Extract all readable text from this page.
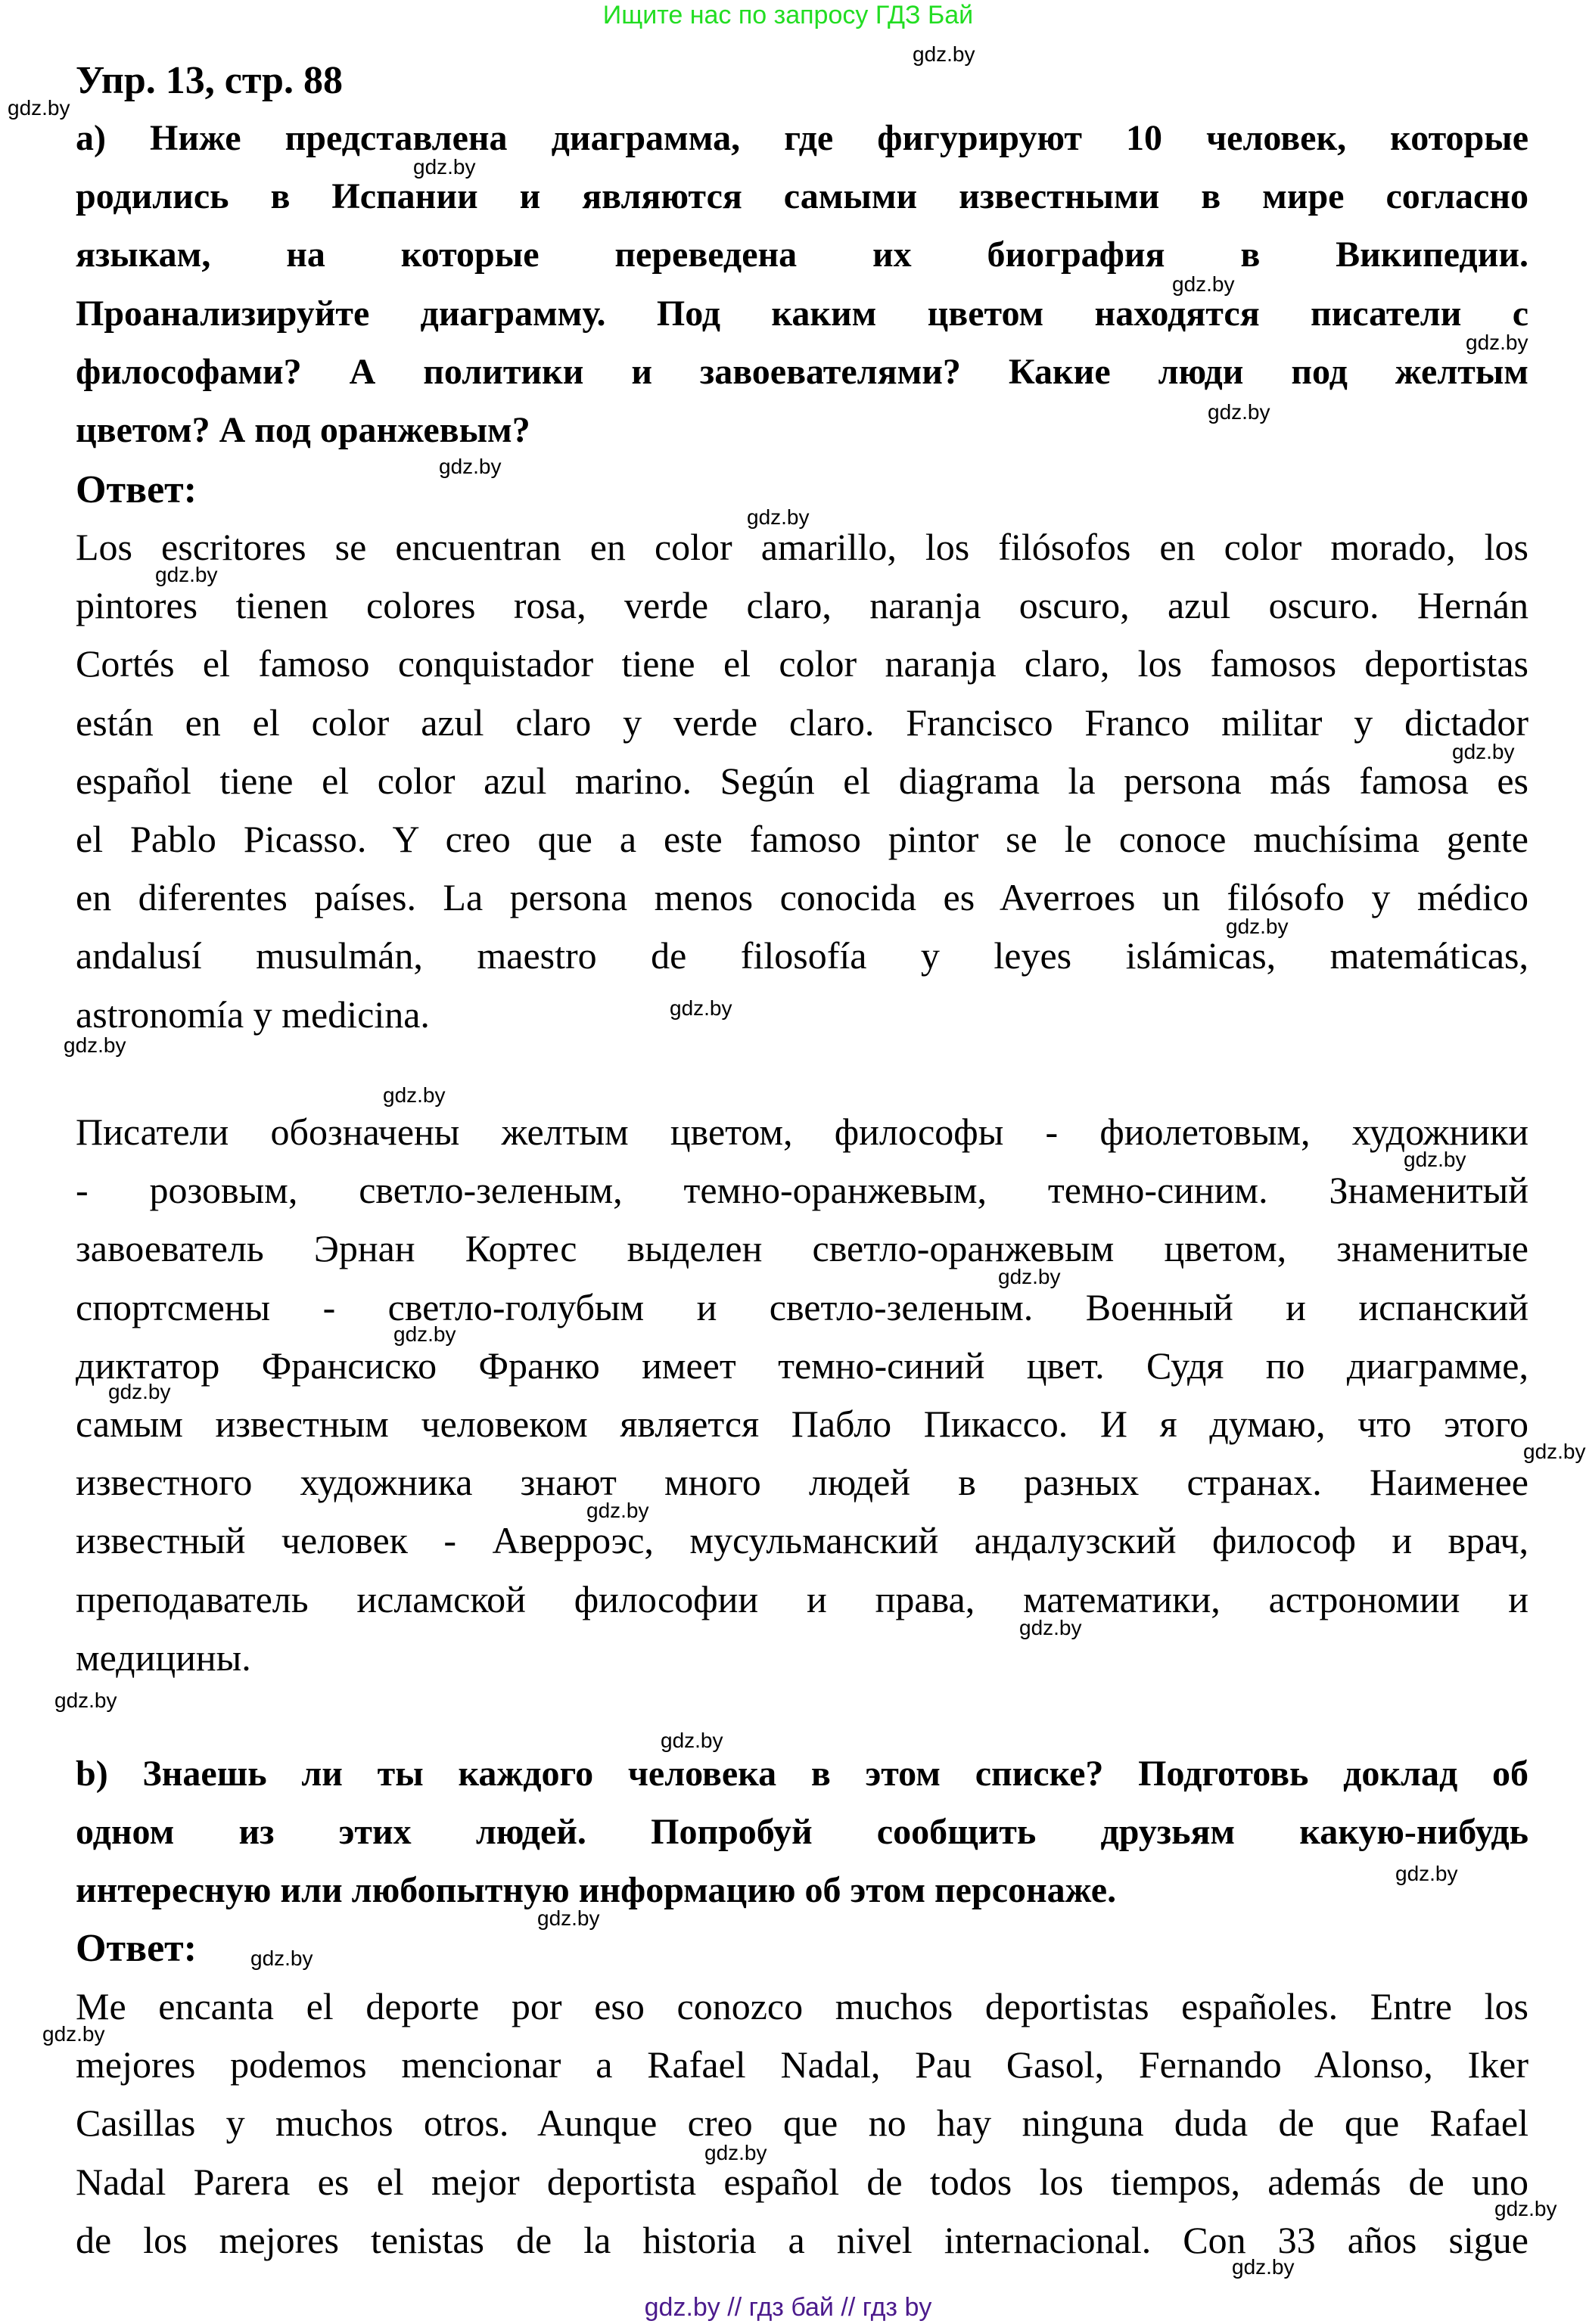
Ищите нас по запросу ГДЗ Бай
Упр. 13, стр. 88
а) Ниже представлена диаграмма, где фигурируют 10 человек, которые
родились в Испании и являются самыми известными в мире согласно
языкам, на которые переведена их биография в Википедии.
Проанализируйте диаграмму. Под каким цветом находятся писатели с
философами? А политики и завоевателями? Какие люди под желтым
цветом? А под оранжевым?
Ответ:
Los escritores se encuentran en color amarillo, los filósofos en color morado, los
pintores tienen colores rosa, verde claro, naranja oscuro, azul oscuro. Hernán
Cortés el famoso conquistador tiene el color naranja claro, los famosos deportistas
están en el color azul claro y verde claro. Francisco Franco militar y dictador
español tiene el color azul marino. Según el diagrama la persona más famosa es
el Pablo Picasso. Y creo que a este famoso pintor se le conoce muchísima gente
en diferentes países. La persona menos conocida es Averroes un filósofo y médico
andalusí musulmán, maestro de filosofía y leyes islámicas, matemáticas,
astronomía y medicina.
Писатели обозначены желтым цветом, философы - фиолетовым, художники
- розовым, светло-зеленым, темно-оранжевым, темно-синим. Знаменитый
завоеватель Эрнан Кортес выделен светло-оранжевым цветом, знаменитые
спортсмены - светло-голубым и светло-зеленым. Военный и испанский
диктатор Франсиско Франко имеет темно-синий цвет. Судя по диаграмме,
самым известным человеком является Пабло Пикассо. И я думаю, что этого
известного художника знают много людей в разных странах. Наименее
известный человек - Аверроэс, мусульманский андалузский философ и врач,
преподаватель исламской философии и права, математики, астрономии и
медицины.
b) Знаешь ли ты каждого человека в этом списке? Подготовь доклад об
одном из этих людей. Попробуй сообщить друзьям какую-нибудь
интересную или любопытную информацию об этом персонаже.
Ответ:
Me encanta el deporte por eso conozco muchos deportistas españoles. Entre los
mejores podemos mencionar a Rafael Nadal, Pau Gasol, Fernando Alonso, Iker
Casillas y muchos otros. Aunque creo que no hay ninguna duda de que Rafael
Nadal Parera es el mejor deportista español de todos los tiempos, además de uno
de los mejores tenistas de la historia a nivel internacional. Con 33 años sigue
gdz.by
gdz.by
gdz.by
gdz.by
gdz.by
gdz.by
gdz.by
gdz.by
gdz.by
gdz.by
gdz.by
gdz.by
gdz.by
gdz.by
gdz.by
gdz.by
gdz.by
gdz.by
gdz.by
gdz.by
gdz.by
gdz.by
gdz.by
gdz.by
gdz.by
gdz.by
gdz.by
gdz.by
gdz.by
gdz.by
gdz.by // гдз бай // гдз by
